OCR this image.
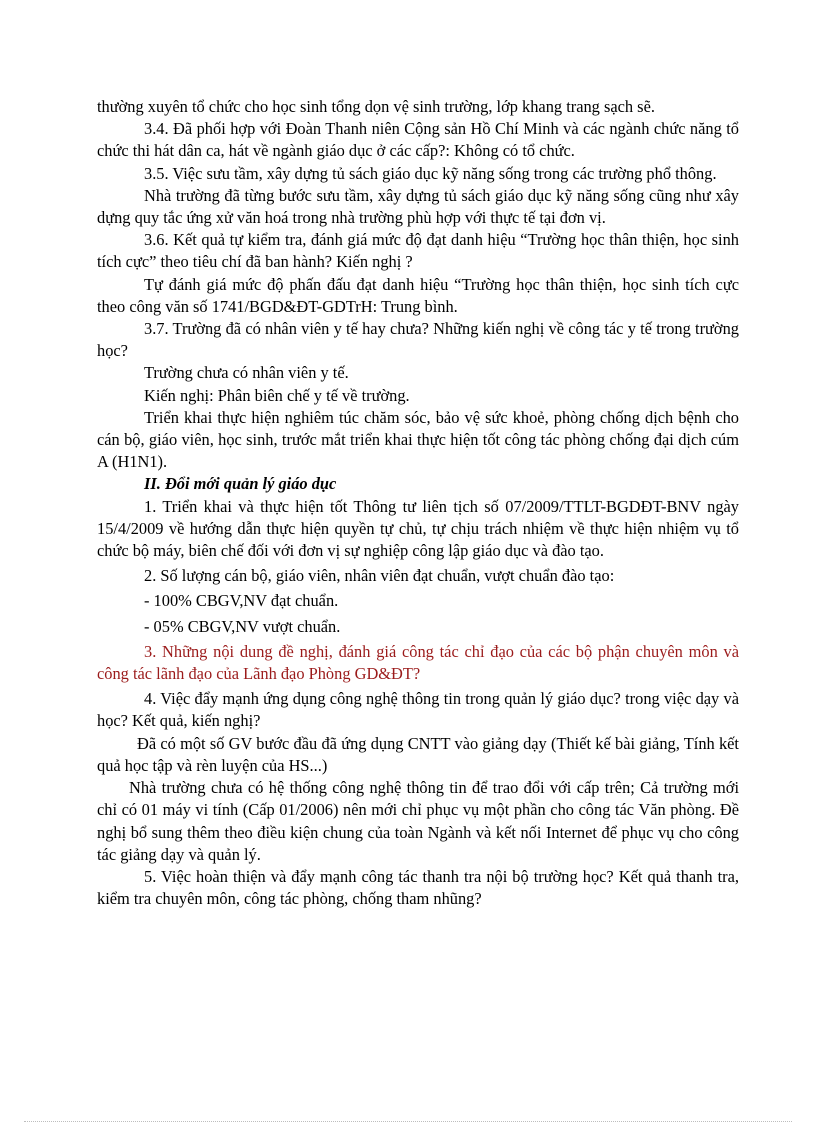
thường xuyên tổ chức cho học sinh tổng dọn vệ sinh trường, lớp khang trang sạch sẽ.

3.4. Đã phối hợp với Đoàn Thanh niên Cộng sản Hồ Chí Minh và các ngành chức năng tổ chức thi hát dân ca, hát về ngành giáo dục ở các cấp?: Không có tổ chức.

3.5. Việc sưu tầm, xây dựng tủ sách giáo dục kỹ năng sống trong các trường phổ thông.

Nhà trường đã từng bước sưu tầm, xây dựng tủ sách giáo dục kỹ năng sống cũng như xây dựng quy tắc ứng xử văn hoá trong nhà trường phù hợp với thực tế tại đơn vị.

3.6. Kết quả tự kiểm tra, đánh giá mức độ đạt danh hiệu “Trường học thân thiện, học sinh tích cực” theo tiêu chí đã ban hành? Kiến nghị ?

Tự đánh giá mức độ phấn đấu đạt danh hiệu “Trường học thân thiện, học sinh tích cực theo công văn số 1741/BGD&ĐT-GDTrH: Trung bình.

3.7. Trường đã có nhân viên y tế hay chưa? Những kiến nghị về công tác y tế trong trường học?

Trường chưa có nhân viên y tế.

Kiến nghị: Phân biên chế y tế về trường.

Triển khai thực hiện nghiêm túc chăm sóc, bảo vệ sức khoẻ, phòng chống dịch bệnh cho cán bộ, giáo viên, học sinh, trước mắt triển khai thực hiện tốt công tác phòng chống đại dịch cúm A (H1N1).

II. Đổi mới quản lý giáo dục

1. Triển khai và thực hiện tốt Thông tư liên tịch số 07/2009/TTLT-BGDĐT-BNV ngày 15/4/2009 về hướng dẫn thực hiện quyền tự chủ, tự chịu trách nhiệm về thực hiện nhiệm vụ tổ chức bộ máy, biên chế đối với đơn vị sự nghiệp công lập giáo dục và đào tạo.

2. Số lượng cán bộ, giáo viên, nhân viên đạt chuẩn, vượt chuẩn đào tạo:

- 100% CBGV,NV đạt chuẩn.

- 05% CBGV,NV vượt chuẩn.

3. Những nội dung đề nghị, đánh giá công tác chỉ đạo của các bộ phận chuyên môn và công tác lãnh đạo của Lãnh đạo Phòng GD&ĐT?

4. Việc đẩy mạnh ứng dụng công nghệ thông tin trong quản lý giáo dục? trong việc dạy và học? Kết quả, kiến nghị?

Đã có một số GV bước đầu đã ứng dụng CNTT vào giảng dạy (Thiết kế bài giảng, Tính kết quả học tập và rèn luyện của HS...)

Nhà trường chưa có hệ thống công nghệ thông tin để trao đổi với cấp trên; Cả trường mới chỉ có 01 máy vi tính (Cấp 01/2006) nên mới chỉ phục vụ một phần cho công tác Văn phòng. Đề nghị bổ sung thêm theo điều kiện chung của toàn Ngành và kết nối Internet để phục vụ cho công tác giảng dạy và quản lý.

5. Việc hoàn thiện và đẩy mạnh công tác thanh tra nội bộ trường học? Kết quả thanh tra, kiểm tra chuyên môn, công tác phòng, chống tham nhũng?
